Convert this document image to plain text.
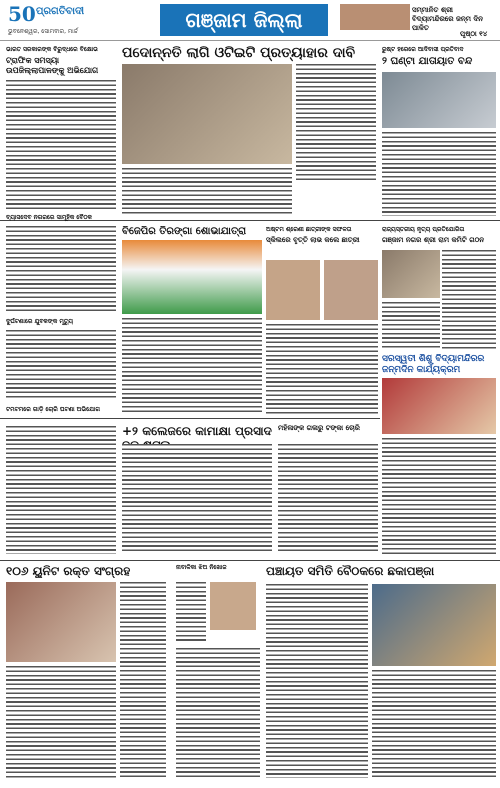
50 ପ୍ରଗତିବାଦୀ
ଭୁବନେଶ୍ୱର, ସୋମବାର, ମାର୍ଚ୍ଚ	ଗଞ୍ଜାମ ଜିଲ୍ଲା	ସମ୍ମାନିତ ଶ୍ରୀ ବିଦ୍ୟାମନ୍ଦିରରେ ଜନ୍ମ ଦିନ ପାଳିତ
ପୃଷ୍ଠା ୧୪
ଭାରତ ସରକାରଙ୍କ ବିରୁଦ୍ଧରେ ବିକ୍ଷୋଭ
ଟ୍ରାଫିକ ସମସ୍ୟା ଉପଜିଲ୍ଲାପାଳଙ୍କୁ ଅଭିଯୋଗ
ପଦୋନ୍ନତି ଲାଗି ଓଟିଇଟି ପ୍ରତ୍ୟାହାର ଦାବି	ରୁଷ୍ଟ ହରେରେ ଆଦିବାସୀ ପ୍ରତିବାଦ
୨ ଘଣ୍ଟା ଯାତାୟାତ ବନ୍ଦ
ବ୍ୟାସଦେବ ନଗରରେ ସାମୂହିକ ବୈଠକ
ଦୁର୍ଘଟଣାରେ ଯୁବକଙ୍କ ମୃତ୍ୟୁ
ବିଜେପିର ତିରଙ୍ଗା ଶୋଭାଯାତ୍ରା	ଅଷ୍ଟମ ଶ୍ରେଣୀ ଛାତ୍ରୀଙ୍କ ସଫଳତା
ସ୍କିଲରେ ବୃତ୍ତି ଲାଭ କଲେ ଛାତ୍ରୀ
ରାଜ୍ୟସ୍ତରୀୟ ନୃତ୍ୟ ପ୍ରତିଯୋଗିତା
ଗଞ୍ଜାମ ନଗର ଶ୍ରୀ ରାମ କମିଟି ଗଠନ
ସରସ୍ୱତୀ ଶିଶୁ ବିଦ୍ୟାମନ୍ଦିରର ଜନ୍ମଦିନ କାର୍ଯ୍ୟକ୍ରମ
+୨ କଲେଜରେ କାମାକ୍ଷା ପ୍ରସାଦ ମହିଳାଙ୍କ ଗଳାରୁ ଟଙ୍କା ଚୋରି
ଟମଟମରେ ଗାଡ଼ି ଚୋରି ଘଟଣା ଅଭିଯୋଗ
୧୦୬ ୟୁନିଟ ରକ୍ତ ସଂଗ୍ରହ	ନାବାଳିକା ଝିଅ ନିଖୋଜ	ପଞ୍ଚାୟତ ସମିତି ବୈଠକରେ ଛକାପଞ୍ଜା
